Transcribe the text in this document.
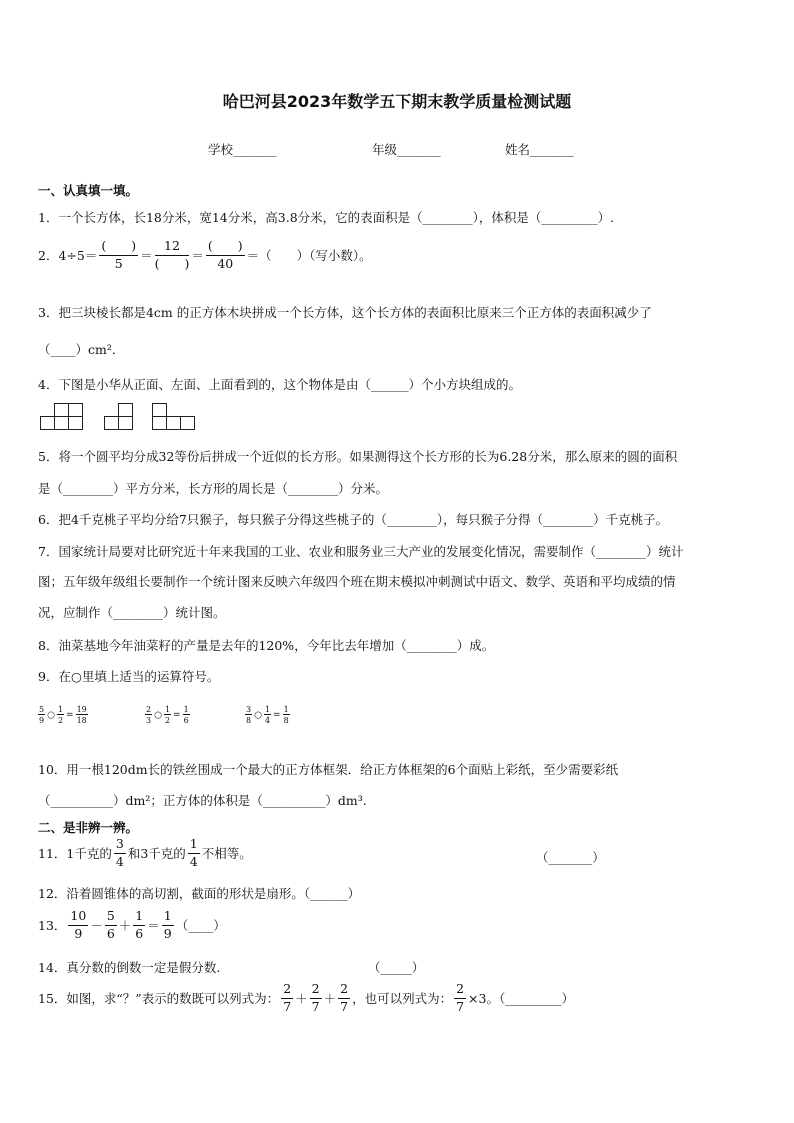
哈巴河县2023年数学五下期末教学质量检测试题
学校_______	年级_______	姓名_______
一、认真填一填。
1．一个长方体，长18分米，宽14分米，高3.8分米，它的表面积是（________），体积是（_________）.
2．$4\div 5= \frac{( )}{5} = \frac{12}{( )} = \frac{( )}{40}$ ＝（　　）（写小数）。
3．把三块棱长都是4cm 的正方体木块拼成一个长方体，这个长方体的表面积比原来三个正方体的表面积减少了
（____）cm²．
4．下图是小华从正面、左面、上面看到的，这个物体是由（______）个小方块组成的。

5．将一个圆平均分成32等份后拼成一个近似的长方形。如果测得这个长方形的长为6.28分米，那么原来的圆的面积
是（________）平方分米，长方形的周长是（________）分米。
6．把4千克桃子平均分给7只猴子，每只猴子分得这些桃子的（________），每只猴子分得（________）千克桃子。
7．国家统计局要对比研究近十年来我国的工业、农业和服务业三大产业的发展变化情况，需要制作（________）统计
图；五年级年级组长要制作一个统计图来反映六年级四个班在期末模拟冲刺测试中语文、数学、英语和平均成绩的情
况，应制作（________）统计图。
8．油菜基地今年油菜籽的产量是去年的120%，今年比去年增加（________）成。
9．在○里填上适当的运算符号。
$\frac{5}{9}$ ○ $\frac{1}{2} = \frac{19}{18}$	$\frac{2}{3}$ ○ $\frac{1}{2} = \frac{1}{6}$	$\frac{3}{8}$ ○ $\frac{1}{4} = \frac{1}{8}$
10．用一根120dm长的铁丝围成一个最大的正方体框架．给正方体框架的6个面贴上彩纸，至少需要彩纸
（__________）dm²；正方体的体积是（__________）dm³.
二、是非辨一辨。
11．1千克的 $\frac{3}{4}$ 和3千克的 $\frac{1}{4}$ 不相等。	（_______）
12．沿着圆锥体的高切割，截面的形状是扇形。（______）
13． $\frac{10}{9} - \frac{5}{6} + \frac{1}{6} = \frac{1}{9}$ （____）
14．真分数的倒数一定是假分数.	（_____）
15．如图，求“？”表示的数既可以列式为： $\frac{2}{7} + \frac{2}{7} + \frac{2}{7}$ ，也可以列式为： $\frac{2}{7} \times 3$。（_________）
